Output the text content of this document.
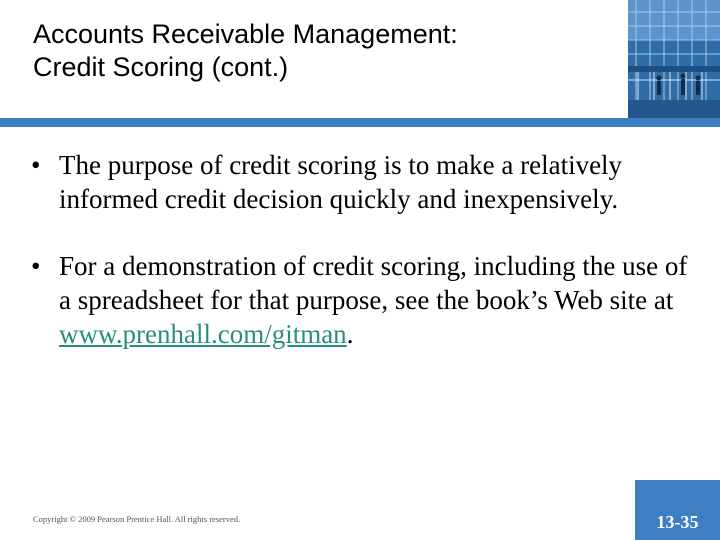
Accounts Receivable Management:
Credit Scoring (cont.)
• The purpose of credit scoring is to make a relatively informed credit decision quickly and inexpensively.
• For a demonstration of credit scoring, including the use of a spreadsheet for that purpose, see the book’s Web site at www.prenhall.com/gitman.
Copyright © 2009 Pearson Prentice Hall. All rights reserved.	13-35
